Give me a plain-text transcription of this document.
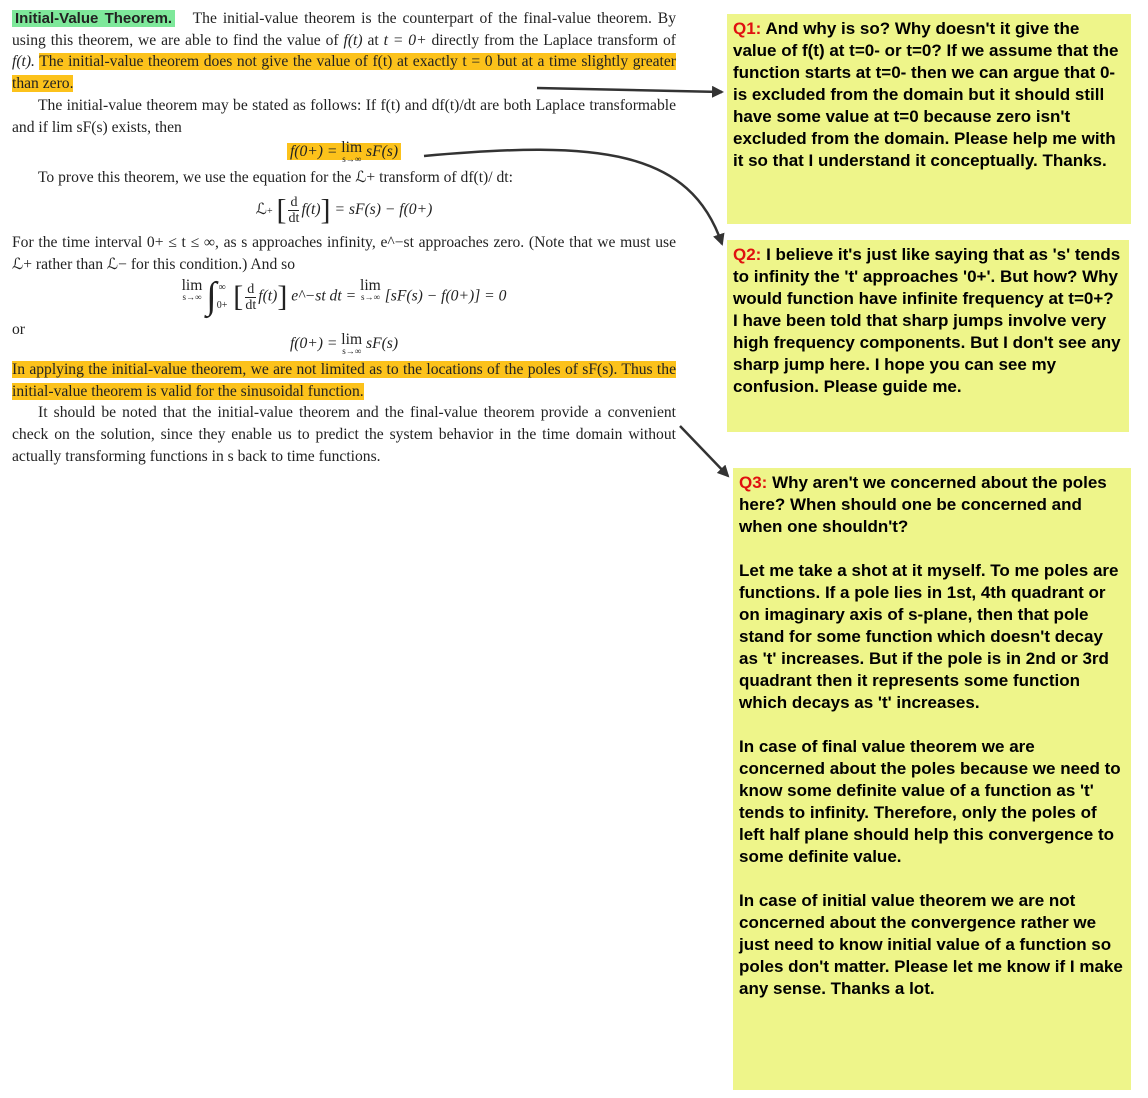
Initial-Value Theorem. The initial-value theorem is the counterpart of the final-value theorem. By using this theorem, we are able to find the value of f(t) at t = 0+ directly from the Laplace transform of f(t). The initial-value theorem does not give the value of f(t) at exactly t = 0 but at a time slightly greater than zero.

The initial-value theorem may be stated as follows: If f(t) and df(t)/dt are both Laplace transformable and if lim sF(s) exists, then

f(0+) = lim
s→∞ sF(s)

To prove this theorem, we use the equation for the ℒ+ transform of df(t)/ dt:

ℒ+ [ $\frac{d}{dt} f(t)] = sF(s) - f(0+)$

For the time interval 0+ ≤ t ≤ ∞, as s approaches infinity, e^−st approaches zero. (Note that we must use ℒ+ rather than ℒ− for this condition.) And so

lim
s→∞ ∫ ∞
0+ [ $\frac{d}{dt} f(t)$] e^−st dt =
lim
s→∞ [sF(s) − f(0+)] = 0

or

f(0+) = lim
s→∞ sF(s)

In applying the initial-value theorem, we are not limited as to the locations of the poles of sF(s). Thus the initial-value theorem is valid for the sinusoidal function.

It should be noted that the initial-value theorem and the final-value theorem provide a convenient check on the solution, since they enable us to predict the system behavior in the time domain without actually transforming functions in s back to time functions.

Q1: And why is so? Why doesn't it give the value of f(t) at t=0- or t=0? If we assume that the function starts at t=0- then we can argue that 0- is excluded from the domain but it should still have some value at t=0 because zero isn't excluded from the domain. Please help me with it so that I understand it conceptually. Thanks.

Q2: I believe it's just like saying that as 's' tends to infinity the 't' approaches '0+'. But how? Why would function have infinite frequency at t=0+? I have been told that sharp jumps involve very high frequency components. But I don't see any sharp jump here. I hope you can see my confusion. Please guide me.

Q3: Why aren't we concerned about the poles here? When should one be concerned and when one shouldn't?

Let me take a shot at it myself. To me poles are functions. If a pole lies in 1st, 4th quadrant or on imaginary axis of s-plane, then that pole stand for some function which doesn't decay as 't' increases. But if the pole is in 2nd or 3rd quadrant then it represents some function which decays as 't' increases.

In case of final value theorem we are concerned about the poles because we need to know some definite value of a function as 't' tends to infinity. Therefore, only the poles of left half plane should help this convergence to some definite value.

In case of initial value theorem we are not concerned about the convergence rather we just need to know initial value of a function so poles don't matter. Please let me know if I make any sense. Thanks a lot.
